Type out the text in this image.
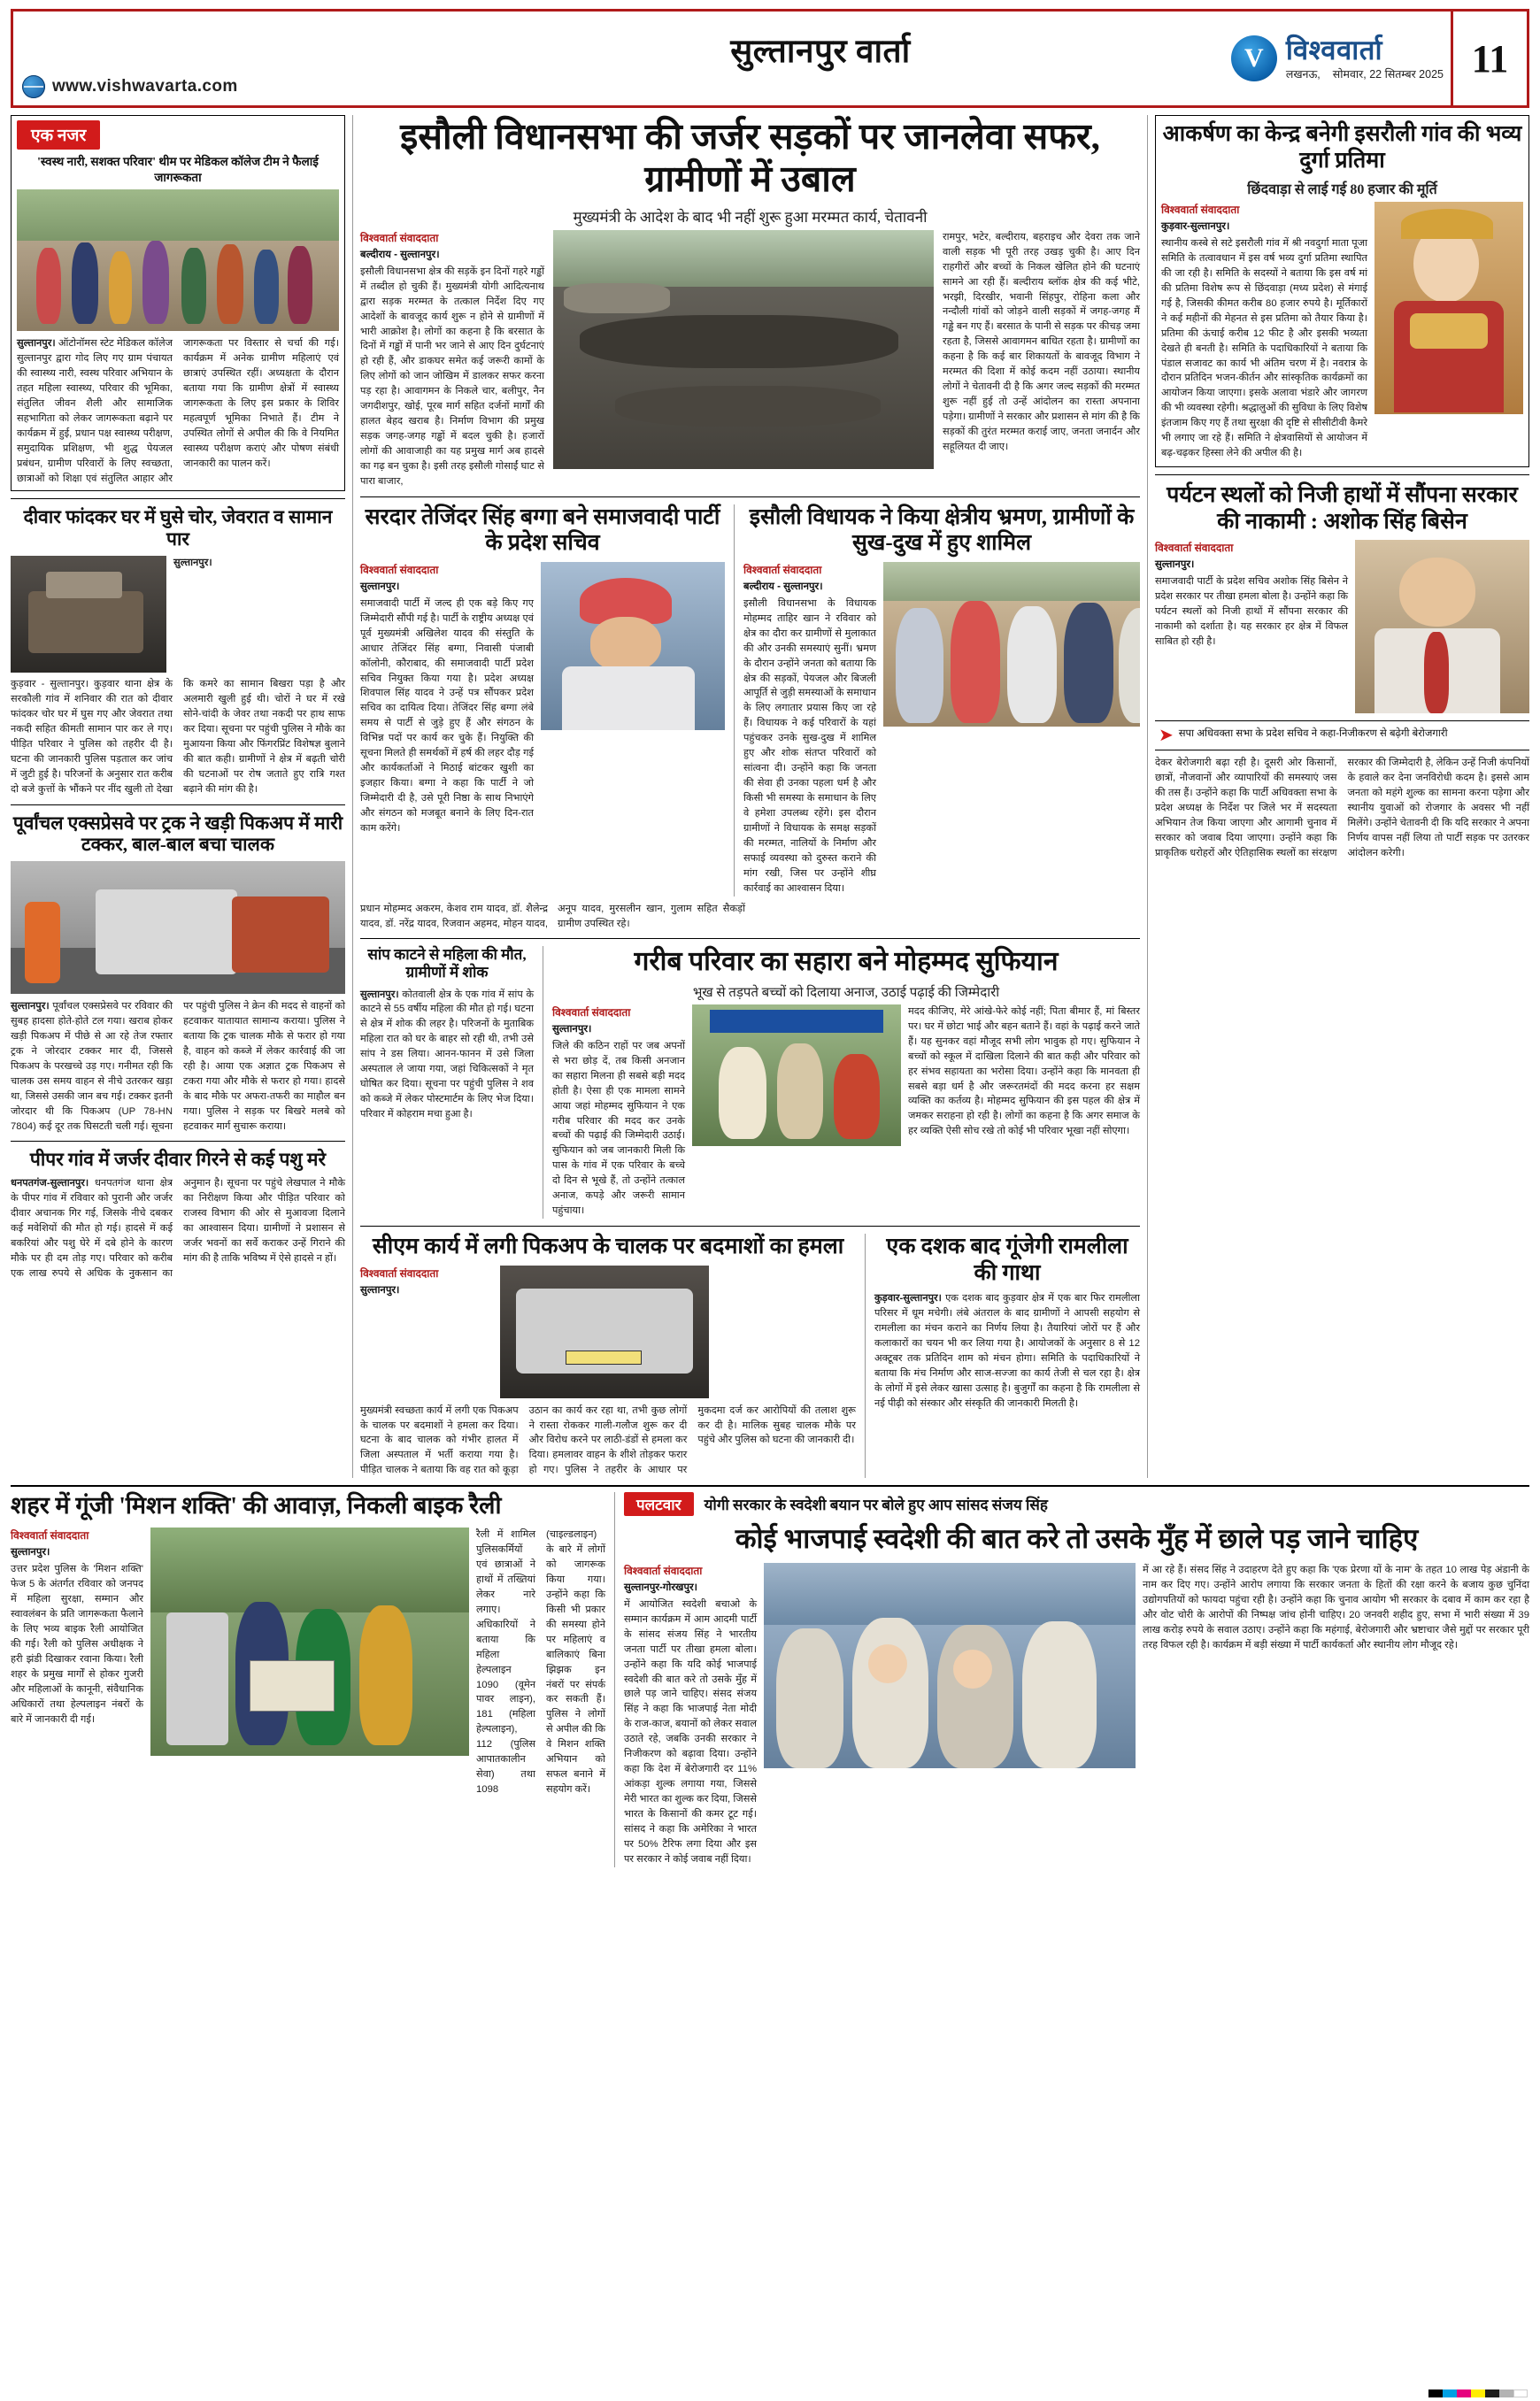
www.vishwavarta.com
सुल्तानपुर वार्ता	V विश्ववार्ता
लखनऊ, सोमवार, 22 सितम्बर 2025 11
एक नजर
'स्वस्थ नारी, सशक्त परिवार' थीम पर मेडिकल कॉलेज टीम ने फैलाई जागरूकता
सुल्तानपुर। ऑटोनॉमस स्टेट मेडिकल कॉलेज सुल्तानपुर द्वारा गोद लिए गए ग्राम पंचायत की स्वास्थ्य नारी, स्वस्थ परिवार अभियान के तहत महिला स्वास्थ्य, परिवार की भूमिका, संतुलित जीवन शैली और सामाजिक सहभागिता को लेकर जागरूकता बढ़ाने पर कार्यक्रम में हुई, प्रधान पक्ष स्वास्थ्य परीक्षण, समुदायिक प्रशिक्षण, भी शुद्ध पेयजल प्रबंधन, ग्रामीण परिवारों के लिए स्वच्छता, छात्राओं को शिक्षा एवं संतुलित आहार और जागरूकता पर विस्तार से चर्चा की गई। कार्यक्रम में अनेक ग्रामीण महिलाएं एवं छात्राएं उपस्थित रहीं। अध्यक्षता के दौरान बताया गया कि ग्रामीण क्षेत्रों में स्वास्थ्य जागरूकता के लिए इस प्रकार के शिविर महत्वपूर्ण भूमिका निभाते हैं। टीम ने उपस्थित लोगों से अपील की कि वे नियमित स्वास्थ्य परीक्षण कराएं और पोषण संबंधी जानकारी का पालन करें।
दीवार फांदकर घर में घुसे चोर, जेवरात व सामान पार
सुल्तानपुर।
कुड़वार - सुल्तानपुर। कुड़वार थाना क्षेत्र के सरकौली गांव में शनिवार की रात को दीवार फांदकर चोर घर में घुस गए और जेवरात तथा नकदी सहित कीमती सामान पार कर ले गए। पीड़ित परिवार ने पुलिस को तहरीर दी है। घटना की जानकारी पुलिस पड़ताल कर जांच में जुटी हुई है। परिजनों के अनुसार रात करीब दो बजे कुत्तों के भौंकने पर नींद खुली तो देखा कि कमरे का सामान बिखरा पड़ा है और अलमारी खुली हुई थी। चोरों ने घर में रखे सोने-चांदी के जेवर तथा नकदी पर हाथ साफ कर दिया। सूचना पर पहुंची पुलिस ने मौके का मुआयना किया और फिंगरप्रिंट विशेषज्ञ बुलाने की बात कही। ग्रामीणों ने क्षेत्र में बढ़ती चोरी की घटनाओं पर रोष जताते हुए रात्रि गश्त बढ़ाने की मांग की है।
पूर्वांचल एक्सप्रेसवे पर ट्रक ने खड़ी पिकअप में मारी टक्कर, बाल-बाल बचा चालक
सुल्तानपुर। पूर्वांचल एक्सप्रेसवे पर रविवार की सुबह हादसा होते-होते टल गया। खराब होकर खड़ी पिकअप में पीछे से आ रहे तेज रफ्तार ट्रक ने जोरदार टक्कर मार दी, जिससे पिकअप के परखच्चे उड़ गए। गनीमत रही कि चालक उस समय वाहन से नीचे उतरकर खड़ा था, जिससे उसकी जान बच गई। टक्कर इतनी जोरदार थी कि पिकअप (UP 78-HN 7804) कई दूर तक घिसटती चली गई। सूचना पर पहुंची पुलिस ने क्रेन की मदद से वाहनों को हटवाकर यातायात सामान्य कराया। पुलिस ने बताया कि ट्रक चालक मौके से फरार हो गया है, वाहन को कब्जे में लेकर कार्रवाई की जा रही है। आया एक अज्ञात ट्रक पिकअप से टकरा गया और मौके से फरार हो गया। हादसे के बाद मौके पर अफरा-तफरी का माहौल बन गया। पुलिस ने सड़क पर बिखरे मलबे को हटवाकर मार्ग सुचारू कराया।
पीपर गांव में जर्जर दीवार गिरने से कई पशु मरे
धनपतगंज-सुल्तानपुर। धनपतगंज थाना क्षेत्र के पीपर गांव में रविवार को पुरानी और जर्जर दीवार अचानक गिर गई, जिसके नीचे दबकर कई मवेशियों की मौत हो गई। हादसे में कई बकरियां और पशु घेरे में दबे होने के कारण मौके पर ही दम तोड़ गए। परिवार को करीब एक लाख रुपये से अधिक के नुकसान का अनुमान है। सूचना पर पहुंचे लेखपाल ने मौके का निरीक्षण किया और पीड़ित परिवार को राजस्व विभाग की ओर से मुआवजा दिलाने का आश्वासन दिया। ग्रामीणों ने प्रशासन से जर्जर भवनों का सर्वे कराकर उन्हें गिराने की मांग की है ताकि भविष्य में ऐसे हादसे न हों।
इसौली विधानसभा की जर्जर सड़कों पर जानलेवा सफर, ग्रामीणों में उबाल
मुख्यमंत्री के आदेश के बाद भी नहीं शुरू हुआ मरम्मत कार्य, चेतावनी
विश्ववार्ता संवाददाता
बल्दीराय - सुल्तानपुर।
इसौली विधानसभा क्षेत्र की सड़कें इन दिनों गहरे गड्ढों में तब्दील हो चुकी हैं। मुख्यमंत्री योगी आदित्यनाथ द्वारा सड़क मरम्मत के तत्काल निर्देश दिए गए आदेशों के बावजूद कार्य शुरू न होने से ग्रामीणों में भारी आक्रोश है। लोगों का कहना है कि बरसात के दिनों में गड्ढों में पानी भर जाने से आए दिन दुर्घटनाएं हो रही हैं, और डाकघर समेत कई जरूरी कामों के लिए लोगों को जान जोखिम में डालकर सफर करना पड़ रहा है। आवागमन के निकले चार, बलीपुर, नैन जगदीशपुर, खोई, पूरब मार्ग सहित दर्जनों मार्गों की हालत बेहद खराब है। निर्माण विभाग की प्रमुख सड़क जगह-जगह गड्ढों में बदल चुकी है। हजारों लोगों की आवाजाही का यह प्रमुख मार्ग अब हादसे का गढ़ बन चुका है। इसी तरह इसौली गोसाईं घाट से पारा बाजार,
रामपुर, भटेर, बल्दीराय, बहराइच और देवरा तक जाने वाली सड़क भी पूरी तरह उखड़ चुकी है। आए दिन राहगीरों और बच्चों के निकल खेलित होने की घटनाएं सामने आ रही हैं। बल्दीराय ब्लॉक क्षेत्र की कई भीटे, भरझी, दिरखीर, भवानी सिंहपुर, रोहिना कला और नन्दौली गांवों को जोड़ने वाली सड़कों में जगह-जगह मैं गड्ढे बन गए हैं। बरसात के पानी से सड़क पर कीचड़ जमा रहता है, जिससे आवागमन बाधित रहता है। ग्रामीणों का कहना है कि कई बार शिकायतों के बावजूद विभाग ने मरम्मत की दिशा में कोई कदम नहीं उठाया। स्थानीय लोगों ने चेतावनी दी है कि अगर जल्द सड़कों की मरम्मत शुरू नहीं हुई तो उन्हें आंदोलन का रास्ता अपनाना पड़ेगा। ग्रामीणों ने सरकार और प्रशासन से मांग की है कि सड़कों की तुरंत मरम्मत कराई जाए, जनता जनार्दन और सहूलियत दी जाए।
सरदार तेजिंदर सिंह बग्गा बने समाजवादी पार्टी के प्रदेश सचिव
विश्ववार्ता संवाददाता
सुल्तानपुर।
समाजवादी पार्टी में जल्द ही एक बड़े किए गए जिम्मेदारी सौंपी गई है। पार्टी के राष्ट्रीय अध्यक्ष एवं पूर्व मुख्यमंत्री अखिलेश यादव की संस्तुति के आधार तेजिंदर सिंह बग्गा, निवासी पंजाबी कॉलोनी, कौराबाद, की समाजवादी पार्टी प्रदेश सचिव नियुक्त किया गया है। प्रदेश अध्यक्ष शिवपाल सिंह यादव ने उन्हें पत्र सौंपकर प्रदेश सचिव का दायित्व दिया। तेजिंदर सिंह बग्गा लंबे समय से पार्टी से जुड़े हुए हैं और संगठन के विभिन्न पदों पर कार्य कर चुके हैं। नियुक्ति की सूचना मिलते ही समर्थकों में हर्ष की लहर दौड़ गई और कार्यकर्ताओं ने मिठाई बांटकर खुशी का इजहार किया। बग्गा ने कहा कि पार्टी ने जो जिम्मेदारी दी है, उसे पूरी निष्ठा के साथ निभाएंगे और संगठन को मजबूत बनाने के लिए दिन-रात काम करेंगे।
इसौली विधायक ने किया क्षेत्रीय भ्रमण, ग्रामीणों के सुख-दुख में हुए शामिल
विश्ववार्ता संवाददाता
बल्दीराय - सुल्तानपुर।
इसौली विधानसभा के विधायक मोहम्मद ताहिर खान ने रविवार को क्षेत्र का दौरा कर ग्रामीणों से मुलाकात की और उनकी समस्याएं सुनीं। भ्रमण के दौरान उन्होंने जनता को बताया कि क्षेत्र की सड़कों, पेयजल और बिजली आपूर्ति से जुड़ी समस्याओं के समाधान के लिए लगातार प्रयास किए जा रहे हैं। विधायक ने कई परिवारों के यहां पहुंचकर उनके सुख-दुख में शामिल हुए और शोक संतप्त परिवारों को सांत्वना दी। उन्होंने कहा कि जनता की सेवा ही उनका पहला धर्म है और किसी भी समस्या के समाधान के लिए वे हमेशा उपलब्ध रहेंगे। इस दौरान ग्रामीणों ने विधायक के समक्ष सड़कों की मरम्मत, नालियों के निर्माण और सफाई व्यवस्था को दुरुस्त कराने की मांग रखी, जिस पर उन्होंने शीघ्र कार्रवाई का आश्वासन दिया।
प्रधान मोहम्मद अकरम, केशव राम यादव, डॉ. शैलेन्द्र यादव, डॉ. नरेंद्र यादव, रिजवान अहमद, मोहन यादव, अनूप यादव, मुरसलीन खान, गुलाम सहित सैकड़ों ग्रामीण उपस्थित रहे।
सांप काटने से महिला की मौत, ग्रामीणों में शोक
सुल्तानपुर। कोतवाली क्षेत्र के एक गांव में सांप के काटने से 55 वर्षीय महिला की मौत हो गई। घटना से क्षेत्र में शोक की लहर है। परिजनों के मुताबिक महिला रात को घर के बाहर सो रही थी, तभी उसे सांप ने डस लिया। आनन-फानन में उसे जिला अस्पताल ले जाया गया, जहां चिकित्सकों ने मृत घोषित कर दिया। सूचना पर पहुंची पुलिस ने शव को कब्जे में लेकर पोस्टमार्टम के लिए भेज दिया। परिवार में कोहराम मचा हुआ है।
गरीब परिवार का सहारा बने मोहम्मद सुफियान
भूख से तड़पते बच्चों को दिलाया अनाज, उठाई पढ़ाई की जिम्मेदारी
विश्ववार्ता संवाददाता
सुल्तानपुर।
जिले की कठिन राहों पर जब अपनों से भरा छोड़ दें, तब किसी अनजान का सहारा मिलना ही सबसे बड़ी मदद होती है। ऐसा ही एक मामला सामने आया जहां मोहम्मद सुफियान ने एक गरीब परिवार की मदद कर उनके बच्चों की पढ़ाई की जिम्मेदारी उठाई। सुफियान को जब जानकारी मिली कि पास के गांव में एक परिवार के बच्चे दो दिन से भूखे हैं, तो उन्होंने तत्काल अनाज, कपड़े और जरूरी सामान पहुंचाया।
मदद कीजिए, मेरे आंखे-फेरे कोई नहीं; पिता बीमार हैं, मां बिस्तर पर। घर में छोटा भाई और बहन बताने हैं। वहां के पढ़ाई करने जाते हैं। यह सुनकर वहां मौजूद सभी लोग भावुक हो गए। सुफियान ने बच्चों को स्कूल में दाखिला दिलाने की बात कही और परिवार को हर संभव सहायता का भरोसा दिया। उन्होंने कहा कि मानवता ही सबसे बड़ा धर्म है और जरूरतमंदों की मदद करना हर सक्षम व्यक्ति का कर्तव्य है। मोहम्मद सुफियान की इस पहल की क्षेत्र में जमकर सराहना हो रही है। लोगों का कहना है कि अगर समाज के हर व्यक्ति ऐसी सोच रखे तो कोई भी परिवार भूखा नहीं सोएगा।
सीएम कार्य में लगी पिकअप के चालक पर बदमाशों का हमला
विश्ववार्ता संवाददाता
सुल्तानपुर।
मुख्यमंत्री स्वच्छता कार्य में लगी एक पिकअप के चालक पर बदमाशों ने हमला कर दिया। घटना के बाद चालक को गंभीर हालत में जिला अस्पताल में भर्ती कराया गया है। पीड़ित चालक ने बताया कि वह रात को कूड़ा उठान का कार्य कर रहा था, तभी कुछ लोगों ने रास्ता रोककर गाली-गलौज शुरू कर दी और विरोध करने पर लाठी-डंडों से हमला कर दिया। हमलावर वाहन के शीशे तोड़कर फरार हो गए। पुलिस ने तहरीर के आधार पर मुकदमा दर्ज कर आरोपियों की तलाश शुरू कर दी है। मालिक सुबह चालक मौके पर पहुंचे और पुलिस को घटना की जानकारी दी।
एक दशक बाद गूंजेगी रामलीला की गाथा
कुड़वार-सुल्तानपुर। एक दशक बाद कुड़वार क्षेत्र में एक बार फिर रामलीला परिसर में धूम मचेगी। लंबे अंतराल के बाद ग्रामीणों ने आपसी सहयोग से रामलीला का मंचन कराने का निर्णय लिया है। तैयारियां जोरों पर हैं और कलाकारों का चयन भी कर लिया गया है। आयोजकों के अनुसार 8 से 12 अक्टूबर तक प्रतिदिन शाम को मंचन होगा। समिति के पदाधिकारियों ने बताया कि मंच निर्माण और साज-सज्जा का कार्य तेजी से चल रहा है। क्षेत्र के लोगों में इसे लेकर खासा उत्साह है। बुजुर्गों का कहना है कि रामलीला से नई पीढ़ी को संस्कार और संस्कृति की जानकारी मिलती है।
आकर्षण का केन्द्र बनेगी इसरौली गांव की भव्य दुर्गा प्रतिमा
छिंदवाड़ा से लाई गई 80 हजार की मूर्ति
विश्ववार्ता संवाददाता
कुड़वार-सुल्तानपुर।
स्थानीय कस्बे से सटे इसरौली गांव में श्री नवदुर्गा माता पूजा समिति के तत्वावधान में इस वर्ष भव्य दुर्गा प्रतिमा स्थापित की जा रही है। समिति के सदस्यों ने बताया कि इस वर्ष मां की प्रतिमा विशेष रूप से छिंदवाड़ा (मध्य प्रदेश) से मंगाई गई है, जिसकी कीमत करीब 80 हजार रुपये है। मूर्तिकारों ने कई महीनों की मेहनत से इस प्रतिमा को तैयार किया है। प्रतिमा की ऊंचाई करीब 12 फीट है और इसकी भव्यता देखते ही बनती है। समिति के पदाधिकारियों ने बताया कि पंडाल सजावट का कार्य भी अंतिम चरण में है। नवरात्र के दौरान प्रतिदिन भजन-कीर्तन और सांस्कृतिक कार्यक्रमों का आयोजन किया जाएगा। इसके अलावा भंडारे और जागरण की भी व्यवस्था रहेगी। श्रद्धालुओं की सुविधा के लिए विशेष इंतजाम किए गए हैं तथा सुरक्षा की दृष्टि से सीसीटीवी कैमरे भी लगाए जा रहे हैं। समिति ने क्षेत्रवासियों से आयोजन में बढ़-चढ़कर हिस्सा लेने की अपील की है।
पर्यटन स्थलों को निजी हाथों में सौंपना सरकार की नाकामी : अशोक सिंह बिसेन
विश्ववार्ता संवाददाता
सुल्तानपुर।
समाजवादी पार्टी के प्रदेश सचिव अशोक सिंह बिसेन ने प्रदेश सरकार पर तीखा हमला बोला है। उन्होंने कहा कि पर्यटन स्थलों को निजी हाथों में सौंपना सरकार की नाकामी को दर्शाता है। यह सरकार हर क्षेत्र में विफल साबित हो रही है।
➤ सपा अधिवक्ता सभा के प्रदेश सचिव ने कहा-निजीकरण से बढ़ेगी बेरोजगारी
देकर बेरोजगारी बढ़ा रही है। दूसरी ओर किसानों, छात्रों, नौजवानों और व्यापारियों की समस्याएं जस की तस हैं। उन्होंने कहा कि पार्टी अधिवक्ता सभा के प्रदेश अध्यक्ष के निर्देश पर जिले भर में सदस्यता अभियान तेज किया जाएगा और आगामी चुनाव में सरकार को जवाब दिया जाएगा। उन्होंने कहा कि प्राकृतिक धरोहरों और ऐतिहासिक स्थलों का संरक्षण सरकार की जिम्मेदारी है, लेकिन उन्हें निजी कंपनियों के हवाले कर देना जनविरोधी कदम है। इससे आम जनता को महंगे शुल्क का सामना करना पड़ेगा और स्थानीय युवाओं को रोजगार के अवसर भी नहीं मिलेंगे। उन्होंने चेतावनी दी कि यदि सरकार ने अपना निर्णय वापस नहीं लिया तो पार्टी सड़क पर उतरकर आंदोलन करेगी।
शहर में गूंजी 'मिशन शक्ति' की आवाज़, निकली बाइक रैली
विश्ववार्ता संवाददाता
सुल्तानपुर।
उत्तर प्रदेश पुलिस के 'मिशन शक्ति' फेज 5 के अंतर्गत रविवार को जनपद में महिला सुरक्षा, सम्मान और स्वावलंबन के प्रति जागरूकता फैलाने के लिए भव्य बाइक रैली आयोजित की गई। रैली को पुलिस अधीक्षक ने हरी झंडी दिखाकर रवाना किया। रैली शहर के प्रमुख मार्गों से होकर गुजरी और महिलाओं के कानूनी, संवैधानिक अधिकारों तथा हेल्पलाइन नंबरों के बारे में जानकारी दी गई।
रैली में शामिल पुलिसकर्मियों एवं छात्राओं ने हाथों में तख्तियां लेकर नारे लगाए। अधिकारियों ने बताया कि महिला हेल्पलाइन 1090 (वूमेन पावर लाइन), 181 (महिला हेल्पलाइन), 112 (पुलिस आपातकालीन सेवा) तथा 1098 (चाइल्डलाइन) के बारे में लोगों को जागरूक किया गया। उन्होंने कहा कि किसी भी प्रकार की समस्या होने पर महिलाएं व बालिकाएं बिना झिझक इन नंबरों पर संपर्क कर सकती हैं। पुलिस ने लोगों से अपील की कि वे मिशन शक्ति अभियान को सफल बनाने में सहयोग करें।
पलटवार	योगी सरकार के स्वदेशी बयान पर बोले हुए आप सांसद संजय सिंह
कोई भाजपाई स्वदेशी की बात करे तो उसके मुँह में छाले पड़ जाने चाहिए
विश्ववार्ता संवाददाता
सुल्तानपुर-गोरखपुर।
में आयोजित स्वदेशी बचाओ के सम्मान कार्यक्रम में आम आदमी पार्टी के सांसद संजय सिंह ने भारतीय जनता पार्टी पर तीखा हमला बोला। उन्होंने कहा कि यदि कोई भाजपाई स्वदेशी की बात करे तो उसके मुँह में छाले पड़ जाने चाहिए। संसद संजय सिंह ने कहा कि भाजपाई नेता मोदी के राज-काज, बयानों को लेकर सवाल उठाते रहे, जबकि उनकी सरकार ने निजीकरण को बढ़ावा दिया। उन्होंने कहा कि देश में बेरोजगारी दर 11% आंकड़ा शुल्क लगाया गया, जिससे मेरी भारत का शुल्क कर दिया, जिससे भारत के किसानों की कमर टूट गई। सांसद ने कहा कि अमेरिका ने भारत पर 50% टैरिफ लगा दिया और इस पर सरकार ने कोई जवाब नहीं दिया।
में आ रहे हैं। संसद सिंह ने उदाहरण देते हुए कहा कि 'एक प्रेरणा यों के नाम' के तहत 10 लाख पेड़ अंडानी के नाम कर दिए गए। उन्होंने आरोप लगाया कि सरकार जनता के हितों की रक्षा करने के बजाय कुछ चुनिंदा उद्योगपतियों को फायदा पहुंचा रही है। उन्होंने कहा कि चुनाव आयोग भी सरकार के दबाव में काम कर रहा है और वोट चोरी के आरोपों की निष्पक्ष जांच होनी चाहिए। 20 जनवरी शहीद हुए, सभा में भारी संख्या में 39 लाख करोड़ रुपये के सवाल उठाए। उन्होंने कहा कि महंगाई, बेरोजगारी और भ्रष्टाचार जैसे मुद्दों पर सरकार पूरी तरह विफल रही है। कार्यक्रम में बड़ी संख्या में पार्टी कार्यकर्ता और स्थानीय लोग मौजूद रहे।
